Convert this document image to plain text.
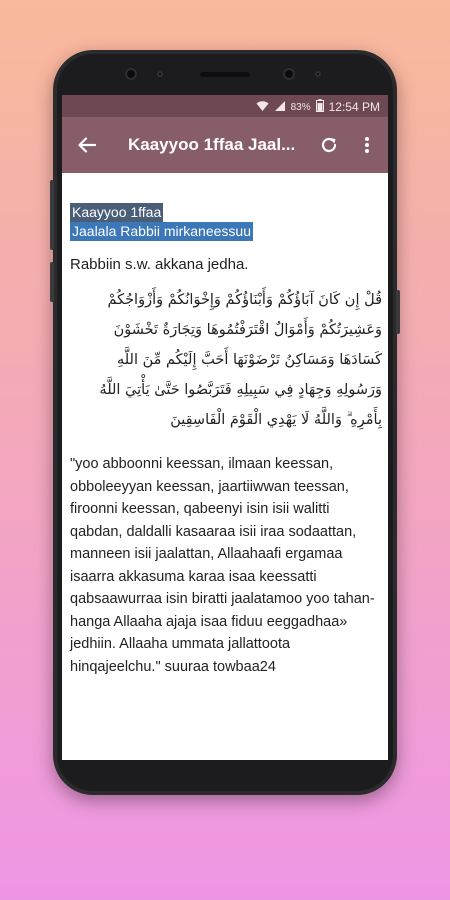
83% 12:54 PM
Kaayyoo 1ffaa Jaal...
Kaayyoo 1ffaa
Jaalala Rabbii mirkaneessuu
Rabbiin s.w. akkana jedha.
قُلْ إِن كَانَ آبَاؤُكُمْ وَأَبْنَاؤُكُمْ وَإِخْوَانُكُمْ وَأَزْوَاجُكُمْ
وَعَشِيرَتُكُمْ وَأَمْوَالٌ اقْتَرَفْتُمُوهَا وَتِجَارَةٌ تَخْشَوْنَ
كَسَادَهَا وَمَسَاكِنُ تَرْضَوْنَهَا أَحَبَّ إِلَيْكُم مِّنَ اللَّهِ
وَرَسُولِهِ وَجِهَادٍ فِي سَبِيلِهِ فَتَرَبَّصُوا حَتَّىٰ يَأْتِيَ اللَّهُ
بِأَمْرِهِ ۗ وَاللَّهُ لَا يَهْدِي الْقَوْمَ الْفَاسِقِينَ
"yoo abboonni keessan, ilmaan keessan, obboleeyyan keessan, jaartiiwwan teessan, firoonni keessan, qabeenyi isin isii walitti qabdan, daldalli kasaaraa isii iraa sodaattan, manneen isii jaalattan, Allaahaafi ergamaa isaarra akkasuma karaa isaa keessatti qabsaawurraa isin biratti jaalatamoo yoo tahan-hanga Allaaha ajaja isaa fiduu eeggadhaa» jedhiin. Allaaha ummata jallattoota hinqajeelchu." suuraa towbaa24
